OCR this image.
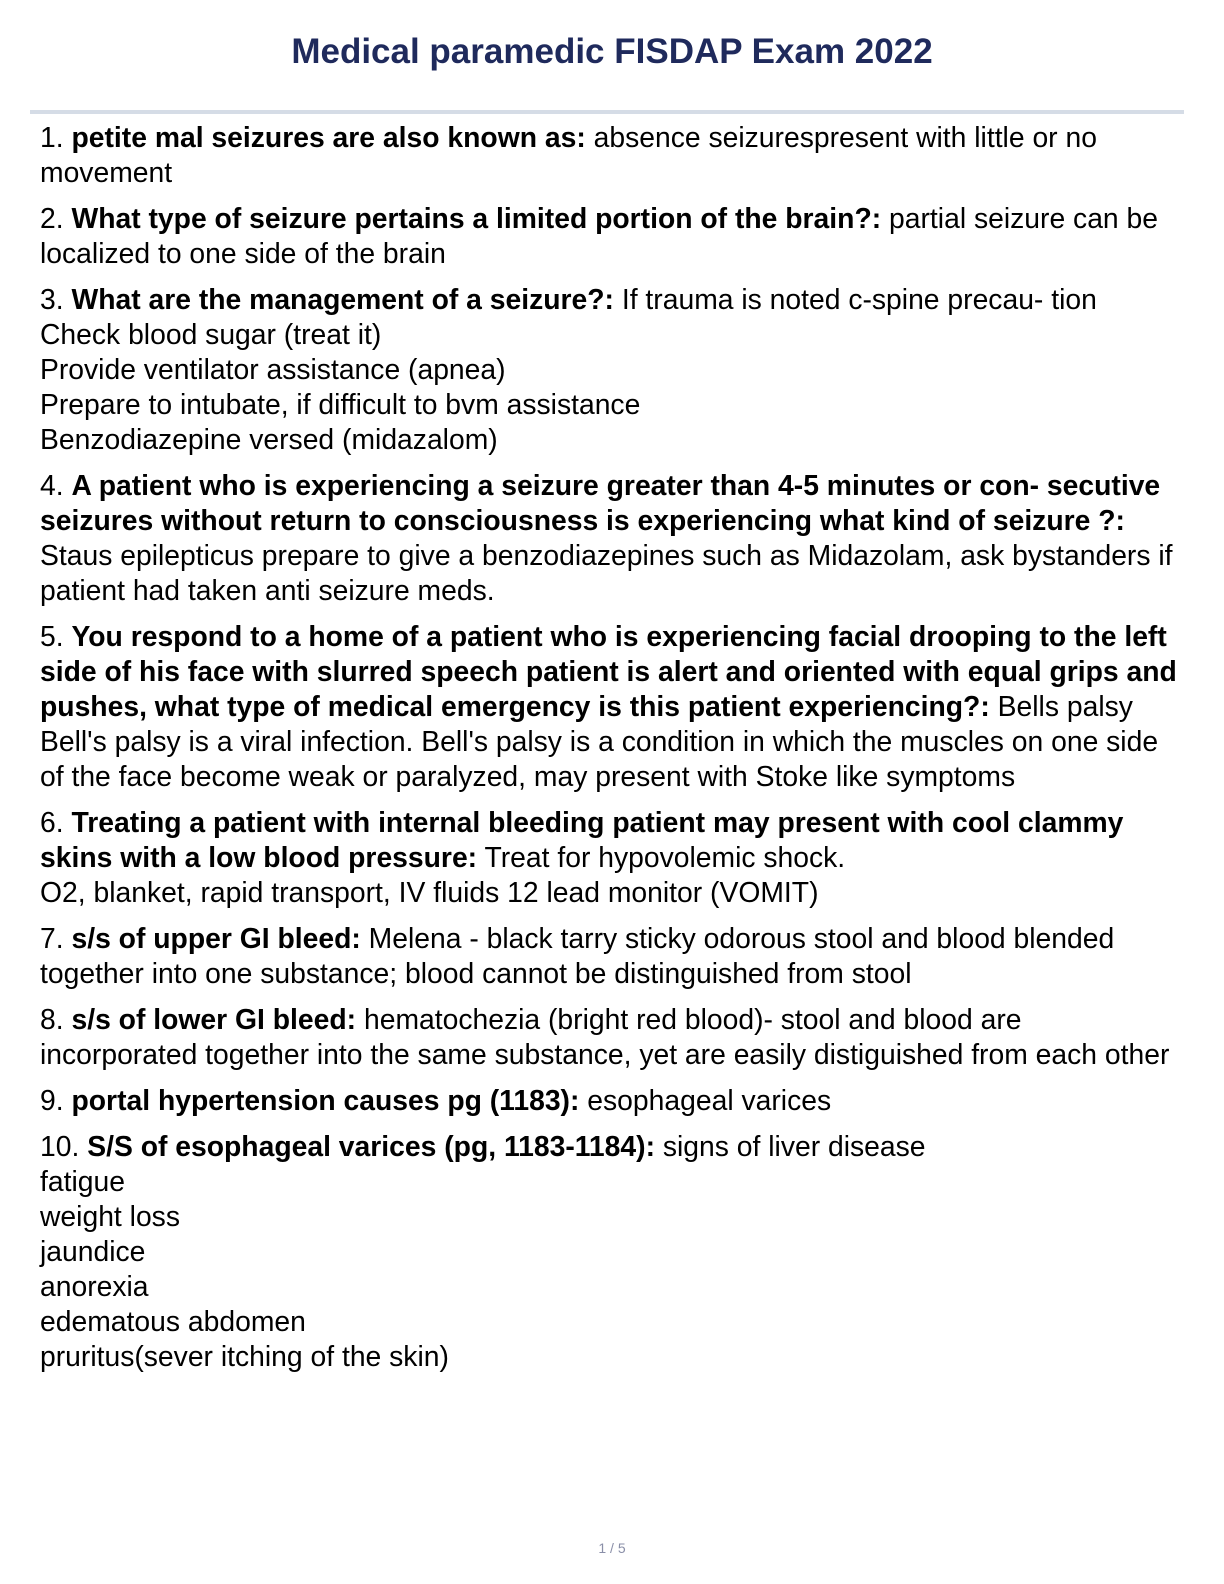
Medical paramedic FISDAP Exam 2022
1. petite mal seizures are also known as: absence seizurespresent with little or no movement
2. What type of seizure pertains a limited portion of the brain?: partial seizure can be localized to one side of the brain
3. What are the management of a seizure?: If trauma is noted c-spine precau- tion
Check blood sugar (treat it)
Provide ventilator assistance (apnea)
Prepare to intubate, if difficult to bvm assistance
Benzodiazepine versed (midazalom)
4. A patient who is experiencing a seizure greater than 4-5 minutes or con- secutive seizures without return to consciousness is experiencing what kind of seizure ?: Staus epilepticus prepare to give a benzodiazepines such as Midazolam, ask bystanders if patient had taken anti seizure meds.
5. You respond to a home of a patient who is experiencing facial drooping to the left side of his face with slurred speech patient is alert and oriented with equal grips and pushes, what type of medical emergency is this patient experiencing?: Bells palsy Bell's palsy is a viral infection. Bell's palsy is a condition in which the muscles on one side of the face become weak or paralyzed, may present with Stoke like symptoms
6. Treating a patient with internal bleeding patient may present with cool clammy skins with a low blood pressure: Treat for hypovolemic shock.
O2, blanket, rapid transport, IV fluids 12 lead monitor (VOMIT)
7. s/s of upper GI bleed: Melena - black tarry sticky odorous stool and blood blended together into one substance; blood cannot be distinguished from stool
8. s/s of lower GI bleed: hematochezia (bright red blood)- stool and blood are incorporated together into the same substance, yet are easily distiguished from each other
9. portal hypertension causes pg (1183): esophageal varices
10. S/S of esophageal varices (pg, 1183-1184): signs of liver disease
fatigue
weight loss
jaundice
anorexia
edematous abdomen
pruritus(sever itching of the skin)
1 / 5
